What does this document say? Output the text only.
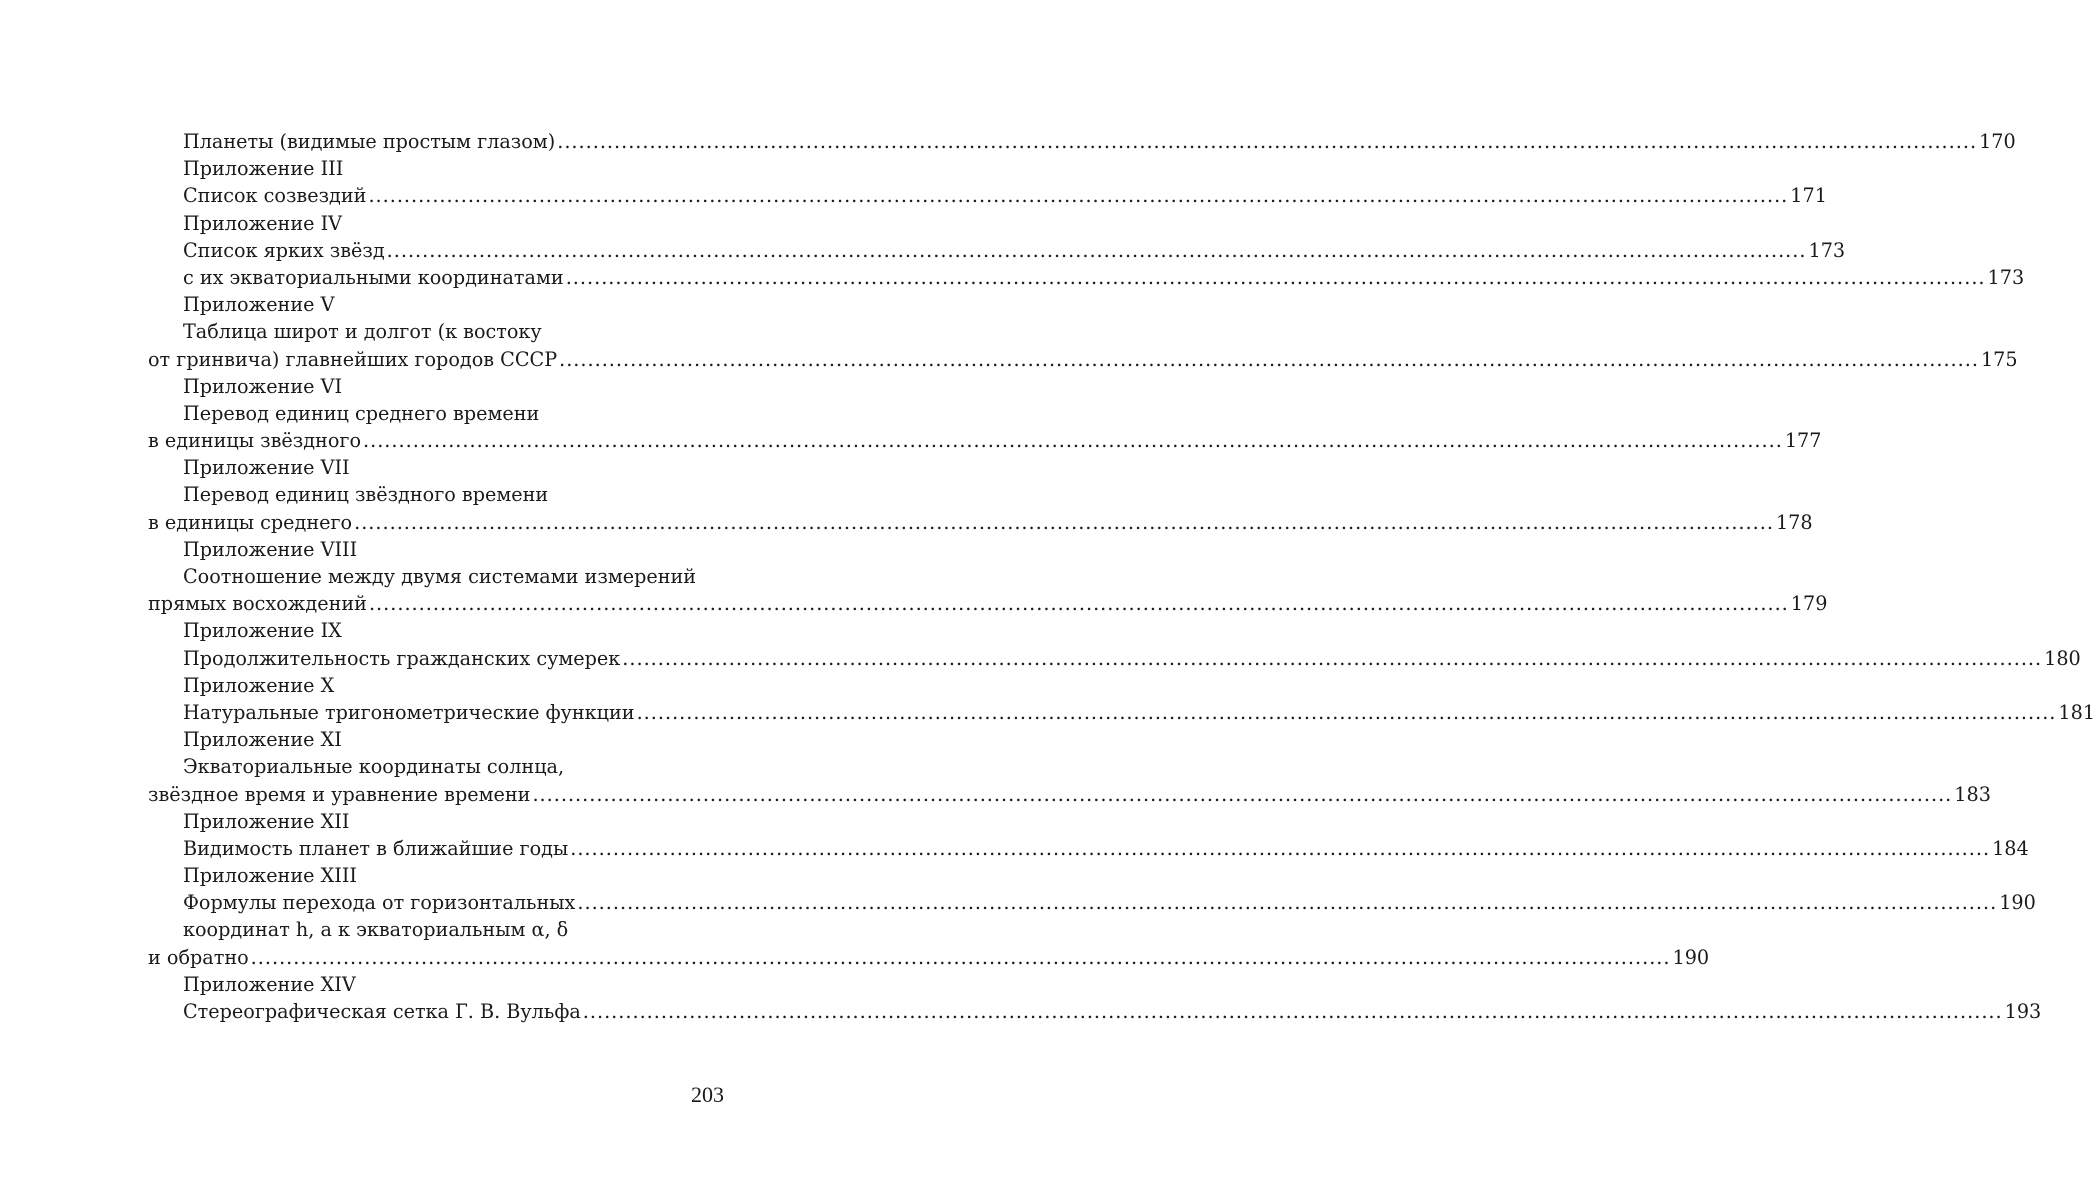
Планеты (видимые простым глазом) ........................................................................................................................................................................................................ 170
Приложение III
Список созвездий ........................................................................................................................................................................................................ 171
Приложение IV
Список ярких звёзд ........................................................................................................................................................................................................ 173
с их экваториальными координатами ........................................................................................................................................................................................................ 173
Приложение V
Таблица широт и долгот (к востоку
от гринвича) главнейших городов СССР ........................................................................................................................................................................................................ 175
Приложение VI
Перевод единиц среднего времени
в единицы звёздного ........................................................................................................................................................................................................ 177
Приложение VII
Перевод единиц звёздного времени
в единицы среднего ........................................................................................................................................................................................................ 178
Приложение VIII
Соотношение между двумя системами измерений
прямых восхождений ........................................................................................................................................................................................................ 179
Приложение IX
Продолжительность гражданских сумерек ........................................................................................................................................................................................................ 180
Приложение X
Натуральные тригонометрические функции ........................................................................................................................................................................................................ 181
Приложение XI
Экваториальные координаты солнца,
звёздное время и уравнение времени ........................................................................................................................................................................................................ 183
Приложение XII
Видимость планет в ближайшие годы ........................................................................................................................................................................................................ 184
Приложение XIII
Формулы перехода от горизонтальных ........................................................................................................................................................................................................ 190
координат h, а к экваториальным α, δ
и обратно ........................................................................................................................................................................................................ 190
Приложение XIV
Стереографическая сетка Г. В. Вульфа ........................................................................................................................................................................................................ 193
203
